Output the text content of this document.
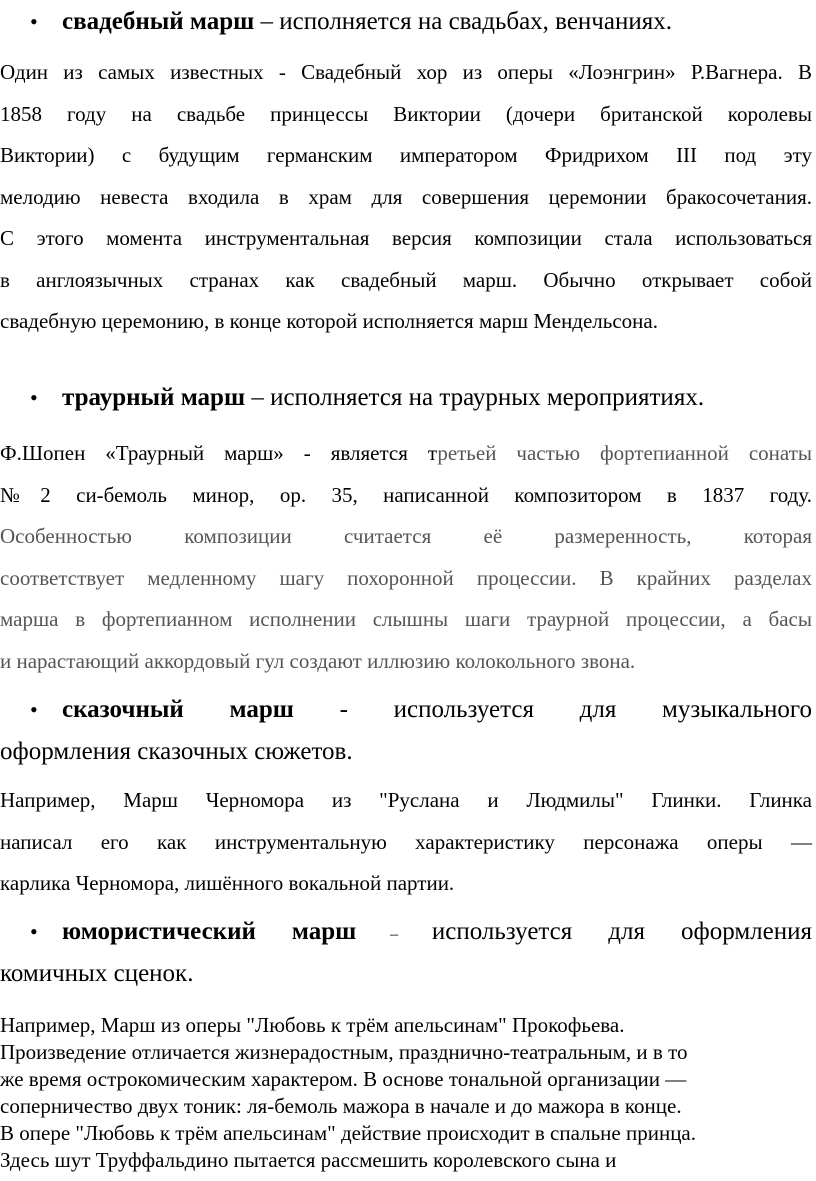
• свадебный марш – исполняется на свадьбах, венчаниях.
Один из самых известных - Свадебный хор из оперы «Лоэнгрин» Р.Вагнера. В
1858 году на свадьбе принцессы Виктории (дочери британской королевы
Виктории) с будущим германским императором Фридрихом III под эту
мелодию невеста входила в храм для совершения церемонии бракосочетания.
С этого момента инструментальная версия композиции стала использоваться
в англоязычных странах как свадебный марш. Обычно открывает собой
свадебную церемонию, в конце которой исполняется марш Мендельсона.
• траурный марш – исполняется на траурных мероприятиях.
Ф.Шопен «Траурный марш» - является третьей частью фортепианной сонаты
№2 си-бемоль минор, ор. 35, написанной композитором в 1837 году.
Особенностью композиции считается её размеренность, которая
соответствует медленному шагу похоронной процессии. В крайних разделах
марша в фортепианном исполнении слышны шаги траурной процессии, а басы
и нарастающий аккордовый гул создают иллюзию колокольного звона.
• сказочный марш - используется для музыкального
оформления сказочных сюжетов.
Например, Марш Черномора из "Руслана и Людмилы" Глинки. Глинка
написал его как инструментальную характеристику персонажа оперы —
карлика Черномора, лишённого вокальной партии.
• юмористический марш – используется для оформления
комичных сценок.
Например, Марш из оперы "Любовь к трём апельсинам" Прокофьева.
Произведение отличается жизнерадостным, празднично-театральным, и в то
же время острокомическим характером. В основе тональной организации —
соперничество двух тоник: ля-бемоль мажора в начале и до мажора в конце.
В опере "Любовь к трём апельсинам" действие происходит в спальне принца.
Здесь шут Труффальдино пытается рассмешить королевского сына и
